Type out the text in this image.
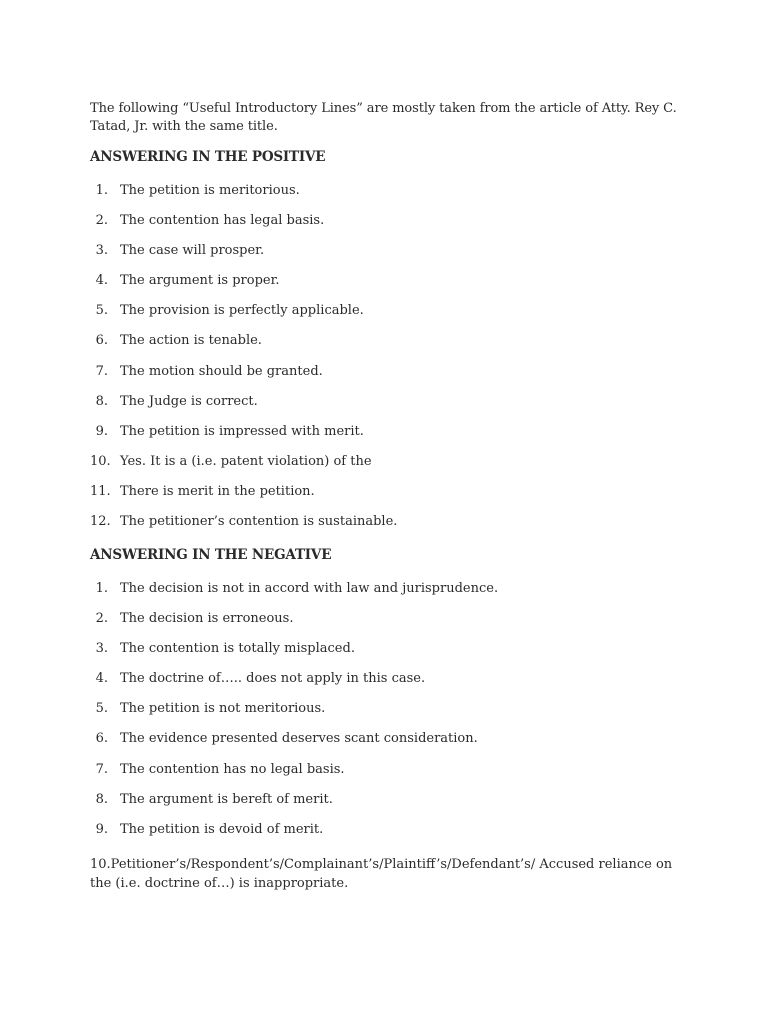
The following “Useful Introductory Lines” are mostly taken from the article of Atty. Rey C. Tatad, Jr. with the same title.

ANSWERING IN THE POSITIVE
1. The petition is meritorious.
2. The contention has legal basis.
3. The case will prosper.
4. The argument is proper.
5. The provision is perfectly applicable.
6. The action is tenable.
7. The motion should be granted.
8. The Judge is correct.
9. The petition is impressed with merit.
10. Yes. It is a (i.e. patent violation) of the
11. There is merit in the petition.
12. The petitioner’s contention is sustainable.
ANSWERING IN THE NEGATIVE
1. The decision is not in accord with law and jurisprudence.
2. The decision is erroneous.
3. The contention is totally misplaced.
4. The doctrine of….. does not apply in this case.
5. The petition is not meritorious.
6. The evidence presented deserves scant consideration.
7. The contention has no legal basis.
8. The argument is bereft of merit.
9. The petition is devoid of merit.

10.Petitioner’s/Respondent’s/Complainant’s/Plaintiff’s/Defendant’s/ Accused reliance on the (i.e. doctrine of…) is inappropriate.
